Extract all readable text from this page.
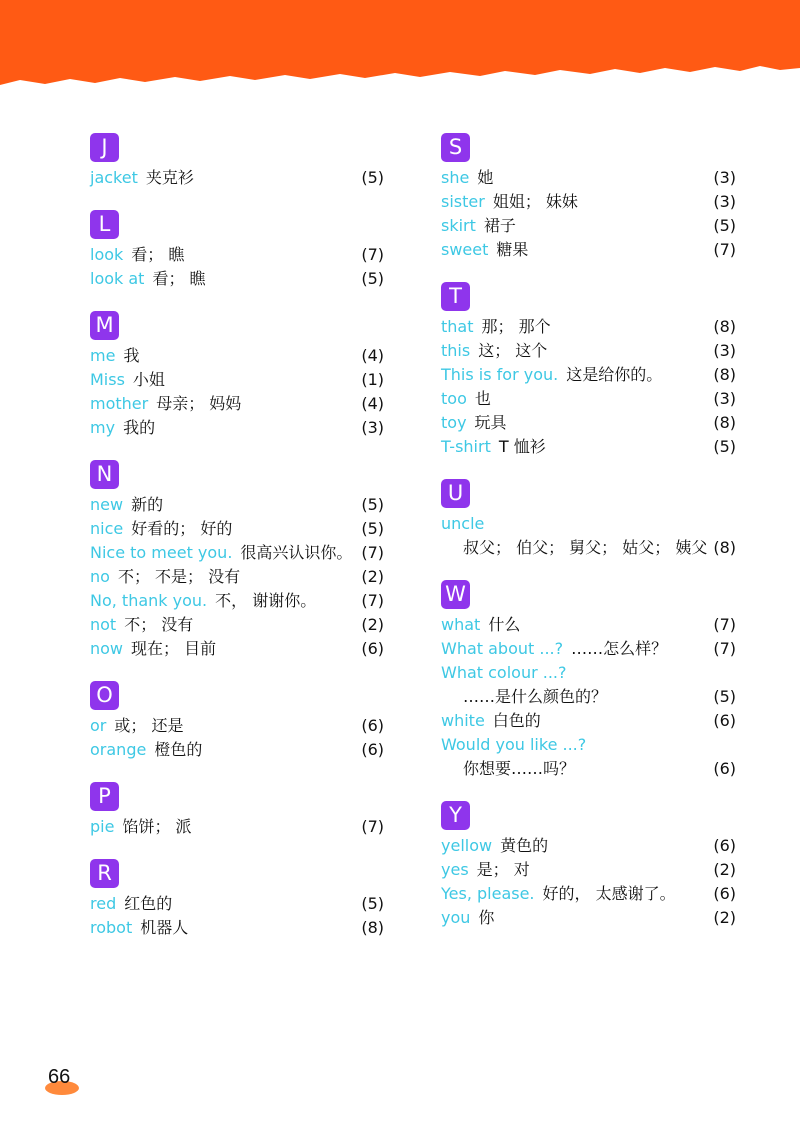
J
jacket 夹克衫	(5)
L
look 看； 瞧	(7)
look at 看； 瞧	(5)
M
me 我	(4)
Miss 小姐	(1)
mother 母亲； 妈妈	(4)
my 我的	(3)
N
new 新的	(5)
nice 好看的； 好的	(5)
Nice to meet you. 很高兴认识你。 (7)
no 不； 不是； 没有	(2)
No, thank you. 不， 谢谢你。	(7)
not 不； 没有	(2)
now 现在； 目前	(6)
O
or 或； 还是	(6)
orange 橙色的	(6)
P
pie 馅饼； 派	(7)
R
red 红色的	(5)
robot 机器人	(8)
S
she 她	(3)
sister 姐姐； 妹妹	(3)
skirt 裙子	(5)
sweet 糖果	(7)
T
that 那； 那个	(8)
this 这； 这个	(3)
This is for you. 这是给你的。	(8)
too 也	(3)
toy 玩具	(8)
T-shirt T 恤衫	(5)
U
uncle
叔父； 伯父； 舅父； 姑父； 姨父 (8)
W
what 什么	(7)
What about ...? ……怎么样？	(7)
What colour ...?
……是什么颜色的？	(5)
white 白色的	(6)
Would you like ...?
你想要……吗？	(6)
Y
yellow 黄色的	(6)
yes 是； 对	(2)
Yes, please. 好的， 太感谢了。 (6)
you 你	(2)
66
